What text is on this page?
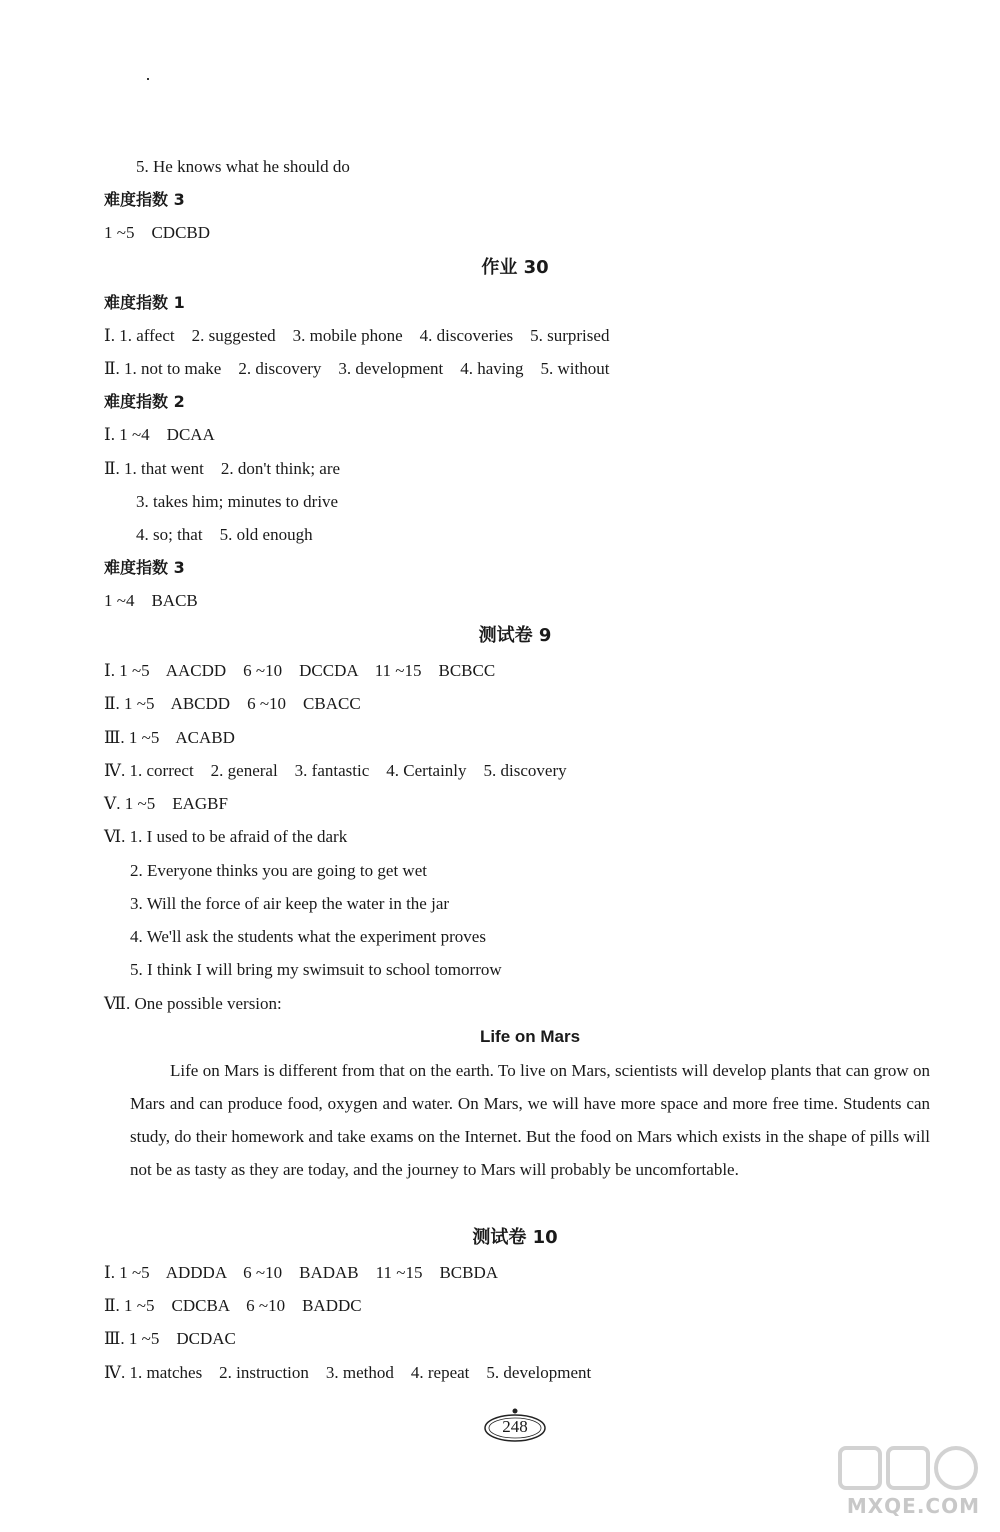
5. He knows what he should do
难度指数 3
1 ~5    CDCBD
作业 30
难度指数 1
Ⅰ. 1. affect    2. suggested    3. mobile phone    4. discoveries    5. surprised
Ⅱ. 1. not to make    2. discovery    3. development    4. having    5. without
难度指数 2
Ⅰ. 1 ~4    DCAA
Ⅱ. 1. that went    2. don't think; are
3. takes him; minutes to drive
4. so; that    5. old enough
难度指数 3
1 ~4    BACB
测试卷 9
Ⅰ. 1 ~5    AACDD    6 ~10    DCCDA    11 ~15    BCBCC
Ⅱ. 1 ~5    ABCDD    6 ~10    CBACC
Ⅲ. 1 ~5    ACABD
Ⅳ. 1. correct    2. general    3. fantastic    4. Certainly    5. discovery
Ⅴ. 1 ~5    EAGBF
Ⅵ. 1. I used to be afraid of the dark
2. Everyone thinks you are going to get wet
3. Will the force of air keep the water in the jar
4. We'll ask the students what the experiment proves
5. I think I will bring my swimsuit to school tomorrow
Ⅶ. One possible version:
Life on Mars
Life on Mars is different from that on the earth. To live on Mars, scientists will develop plants that can grow on Mars and can produce food, oxygen and water. On Mars, we will have more space and more free time. Students can study, do their homework and take exams on the Internet. But the food on Mars which exists in the shape of pills will not be as tasty as they are today, and the journey to Mars will probably be uncomfortable.
测试卷 10
Ⅰ. 1 ~5    ADDDA    6 ~10    BADAB    11 ~15    BCBDA
Ⅱ. 1 ~5    CDCBA    6 ~10    BADDC
Ⅲ. 1 ~5    DCDAC
Ⅳ. 1. matches    2. instruction    3. method    4. repeat    5. development
248
MXQE.COM
